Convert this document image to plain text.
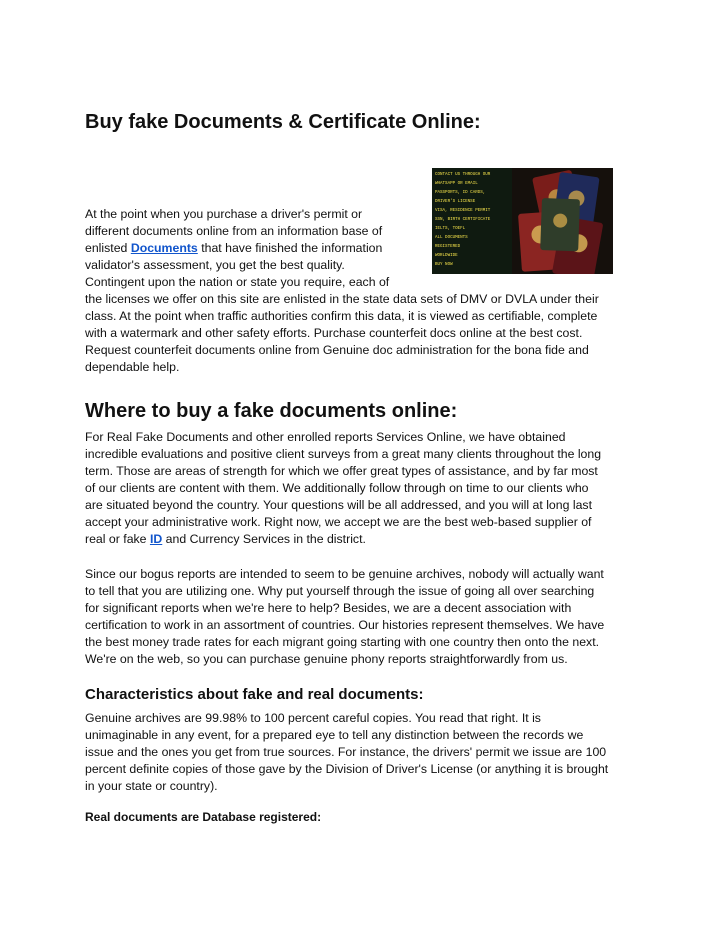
Buy fake Documents & Certificate Online:
At the point when you purchase a driver's permit or
different documents online from an information base of
enlisted Documents that have finished the information
validator's assessment, you get the best quality.
Contingent upon the nation or state you require, each of
the licenses we offer on this site are enlisted in the state data sets of DMV or DVLA under their
class. At the point when traffic authorities confirm this data, it is viewed as certifiable, complete
with a watermark and other safety efforts. Purchase counterfeit docs online at the best cost.
Request counterfeit documents online from Genuine doc administration for the bona fide and
dependable help.
CONTACT US THROUGH OUR
WHATSAPP OR EMAIL
PASSPORTS, ID CARDS,
DRIVER'S LICENSE
VISA, RESIDENCE PERMIT
SSN, BIRTH CERTIFICATE
IELTS, TOEFL
ALL DOCUMENTS
REGISTERED
WORLDWIDE
BUY NOW
Where to buy a fake documents online:
For Real Fake Documents and other enrolled reports Services Online, we have obtained
incredible evaluations and positive client surveys from a great many clients throughout the long
term. Those are areas of strength for which we offer great types of assistance, and by far most
of our clients are content with them. We additionally follow through on time to our clients who
are situated beyond the country. Your questions will be all addressed, and you will at long last
accept your administrative work. Right now, we accept we are the best web-based supplier of
real or fake ID and Currency Services in the district.
Since our bogus reports are intended to seem to be genuine archives, nobody will actually want
to tell that you are utilizing one. Why put yourself through the issue of going all over searching
for significant reports when we're here to help? Besides, we are a decent association with
certification to work in an assortment of countries. Our histories represent themselves. We have
the best money trade rates for each migrant going starting with one country then onto the next.
We're on the web, so you can purchase genuine phony reports straightforwardly from us.
Characteristics about fake and real documents:
Genuine archives are 99.98% to 100 percent careful copies. You read that right. It is
unimaginable in any event, for a prepared eye to tell any distinction between the records we
issue and the ones you get from true sources. For instance, the drivers' permit we issue are 100
percent definite copies of those gave by the Division of Driver's License (or anything it is brought
in your state or country).
Real documents are Database registered:
